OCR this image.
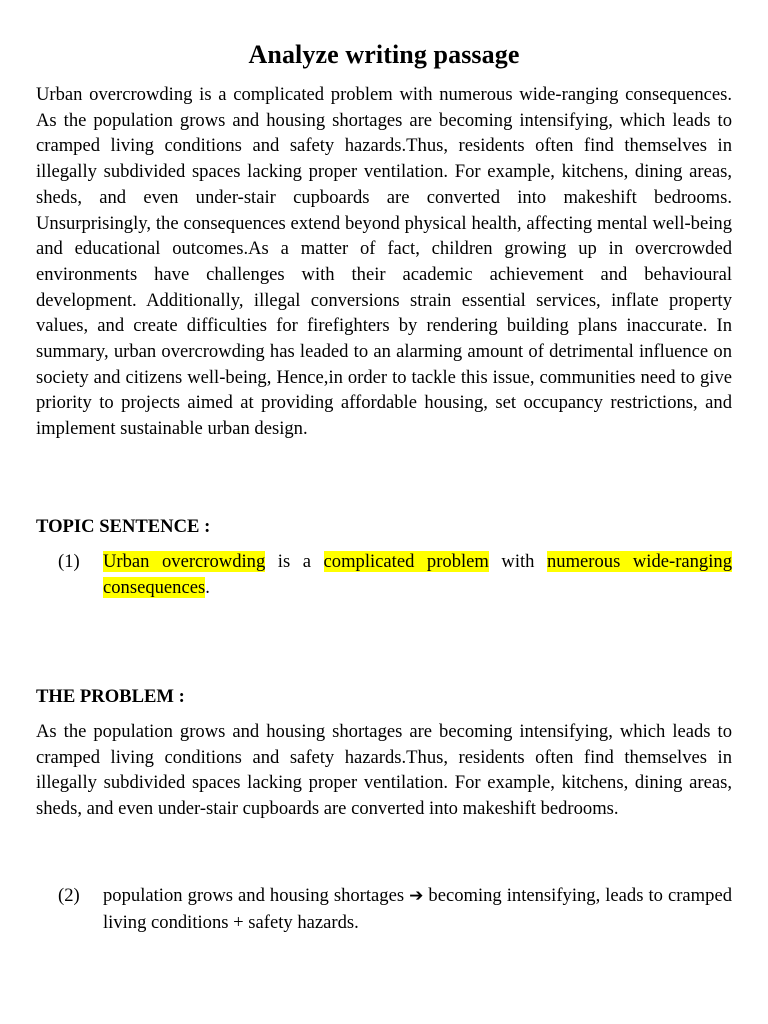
Analyze writing passage

Urban overcrowding is a complicated problem with numerous wide-ranging consequences. As the population grows and housing shortages are becoming intensifying, which leads to cramped living conditions and safety hazards.Thus, residents often find themselves in illegally subdivided spaces lacking proper ventilation. For example, kitchens, dining areas, sheds, and even under-stair cupboards are converted into makeshift bedrooms. Unsurprisingly, the consequences extend beyond physical health, affecting mental well-being and educational outcomes.As a matter of fact, children growing up in overcrowded environments have challenges with their academic achievement and behavioural development. Additionally, illegal conversions strain essential services, inflate property values, and create difficulties for firefighters by rendering building plans inaccurate. In summary, urban overcrowding has leaded to an alarming amount of detrimental influence on society and citizens well-being, Hence,in order to tackle this issue, communities need to give priority to projects aimed at providing affordable housing, set occupancy restrictions, and implement sustainable urban design.

TOPIC SENTENCE :
(1)	Urban overcrowding is a complicated problem with numerous wide-ranging consequences.
THE PROBLEM :

As the population grows and housing shortages are becoming intensifying, which leads to cramped living conditions and safety hazards.Thus, residents often find themselves in illegally subdivided spaces lacking proper ventilation. For example, kitchens, dining areas, sheds, and even under-stair cupboards are converted into makeshift bedrooms.

(2)	population grows and housing shortages ➔ becoming intensifying, leads to cramped living conditions + safety hazards.
